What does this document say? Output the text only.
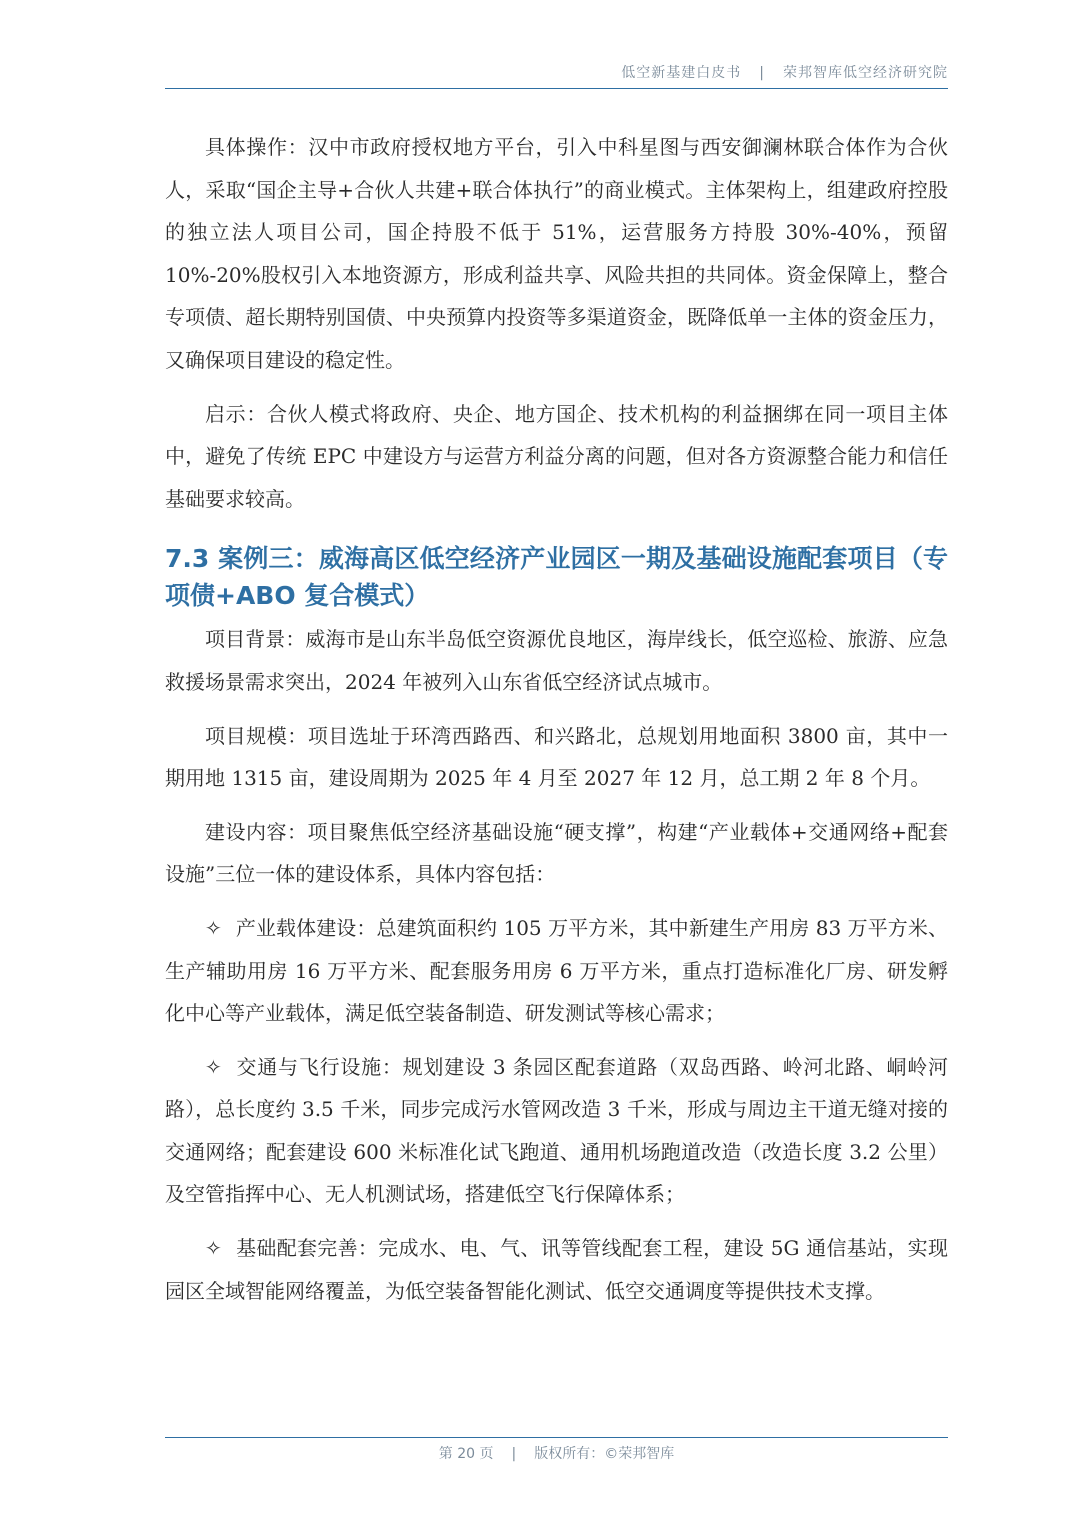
低空新基建白皮书 | 荣邦智库低空经济研究院

具体操作：汉中市政府授权地方平台，引入中科星图与西安御澜林联合体作为合伙人，采取“国企主导+合伙人共建+联合体执行”的商业模式。主体架构上，组建政府控股的独立法人项目公司，国企持股不低于 51%，运营服务方持股 30%-40%，预留 10%-20%股权引入本地资源方，形成利益共享、风险共担的共同体。资金保障上，整合专项债、超长期特别国债、中央预算内投资等多渠道资金，既降低单一主体的资金压力，又确保项目建设的稳定性。

启示：合伙人模式将政府、央企、地方国企、技术机构的利益捆绑在同一项目主体中，避免了传统 EPC 中建设方与运营方利益分离的问题，但对各方资源整合能力和信任基础要求较高。

7.3 案例三：威海高区低空经济产业园区一期及基础设施配套项目（专项债+ABO 复合模式）

项目背景：威海市是山东半岛低空资源优良地区，海岸线长，低空巡检、旅游、应急救援场景需求突出，2024 年被列入山东省低空经济试点城市。

项目规模：项目选址于环湾西路西、和兴路北，总规划用地面积 3800 亩，其中一期用地 1315 亩，建设周期为 2025 年 4 月至 2027 年 12 月，总工期 2 年 8 个月。

建设内容：项目聚焦低空经济基础设施“硬支撑”，构建“产业载体+交通网络+配套设施”三位一体的建设体系，具体内容包括：

✧ 产业载体建设：总建筑面积约 105 万平方米，其中新建生产用房 83 万平方米、生产辅助用房 16 万平方米、配套服务用房 6 万平方米，重点打造标准化厂房、研发孵化中心等产业载体，满足低空装备制造、研发测试等核心需求；

✧ 交通与飞行设施：规划建设 3 条园区配套道路（双岛西路、岭河北路、峒岭河路），总长度约 3.5 千米，同步完成污水管网改造 3 千米，形成与周边主干道无缝对接的交通网络；配套建设 600 米标准化试飞跑道、通用机场跑道改造（改造长度 3.2 公里）及空管指挥中心、无人机测试场，搭建低空飞行保障体系；

✧ 基础配套完善：完成水、电、气、讯等管线配套工程，建设 5G 通信基站，实现园区全域智能网络覆盖，为低空装备智能化测试、低空交通调度等提供技术支撑。

第 20 页 | 版权所有：©荣邦智库
